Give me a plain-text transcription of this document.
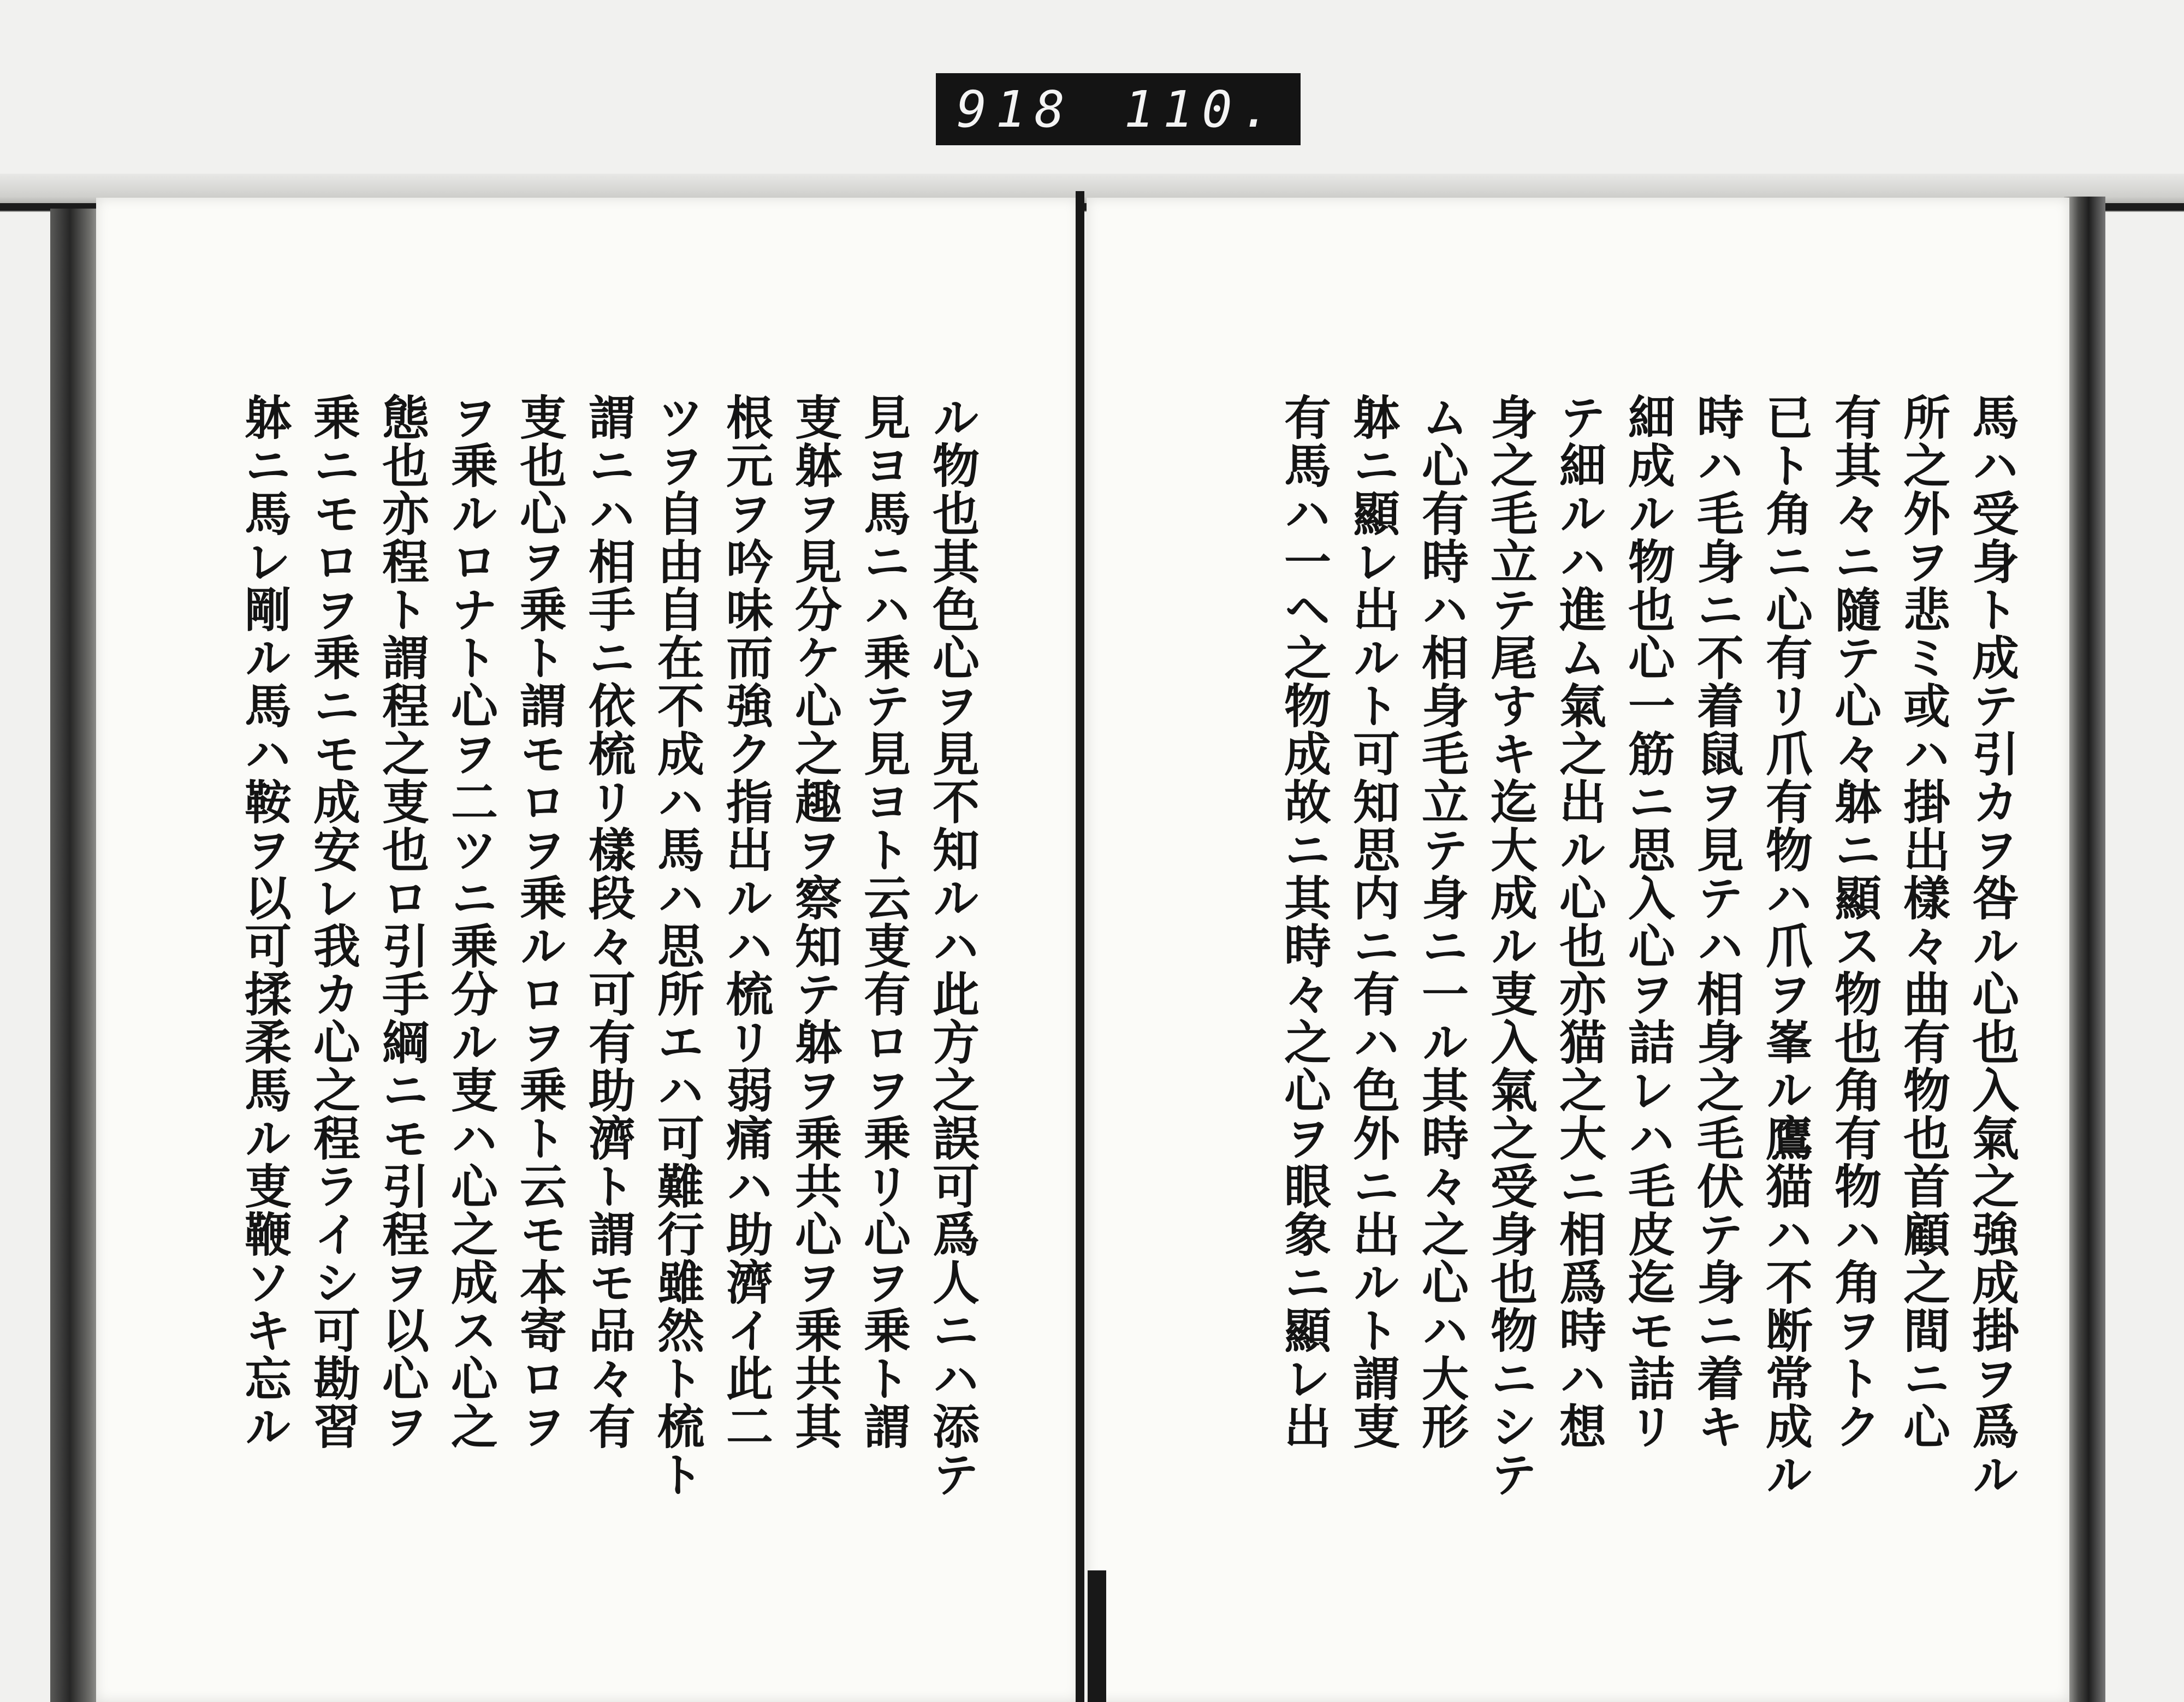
918 110.
馬ハ受身ト成テ引カヲ咎ル心也入氣之強成掛ヲ爲ル
所之外ヲ悲ミ或ハ掛出樣々曲有物也首顧之間ニ心
有其々ニ隨テ心々躰ニ顯ス物也角有物ハ角ヲトク
已ト角ニ心有リ爪有物ハ爪ヲ峯ル鷹猫ハ不断常成ル
時ハ毛身ニ不着鼠ヲ見テハ相身之毛伏テ身ニ着キ
細成ル物也心一筋ニ思入心ヲ詰レハ毛皮迄モ詰リ
テ細ルハ進ム氣之出ル心也亦猫之大ニ相爲時ハ想
身之毛立テ尾すキ迄大成ル叓入氣之受身也物ニシテ
ム心有時ハ相身毛立テ身ニ一ル其時々之心ハ大形
躰ニ顯レ出ルト可知思内ニ有ハ色外ニ出ルト謂叓
有馬ハ一ヘ之物成故ニ其時々之心ヲ眼象ニ顯レ出
ル物也其色心ヲ見不知ルハ此方之誤可爲人ニハ添テ
見ヨ馬ニハ乗テ見ヨト云叓有ロヲ乗リ心ヲ乗ト謂
叓躰ヲ見分ケ心之趣ヲ察知テ躰ヲ乗共心ヲ乗共其
根元ヲ吟味而強ク指出ルハ梳リ弱痛ハ助濟イ此二
ツヲ自由自在不成ハ馬ハ思所エハ可難行雖然ト梳ト
謂ニハ相手ニ依梳リ樣段々可有助濟ト謂モ品々有
叓也心ヲ乗ト謂モロヲ乗ルロヲ乗ト云モ本寄ロヲ
ヲ乗ルロナト心ヲ二ツニ乗分ル叓ハ心之成ス心之
態也亦程ト謂程之叓也ロ引手綱ニモ引程ヲ以心ヲ
乗ニモロヲ乗ニモ成安レ我カ心之程ライシ可勘習
躰ニ馬レ剛ル馬ハ鞍ヲ以可揉柔馬ル叓鞭ソキ忘ル
